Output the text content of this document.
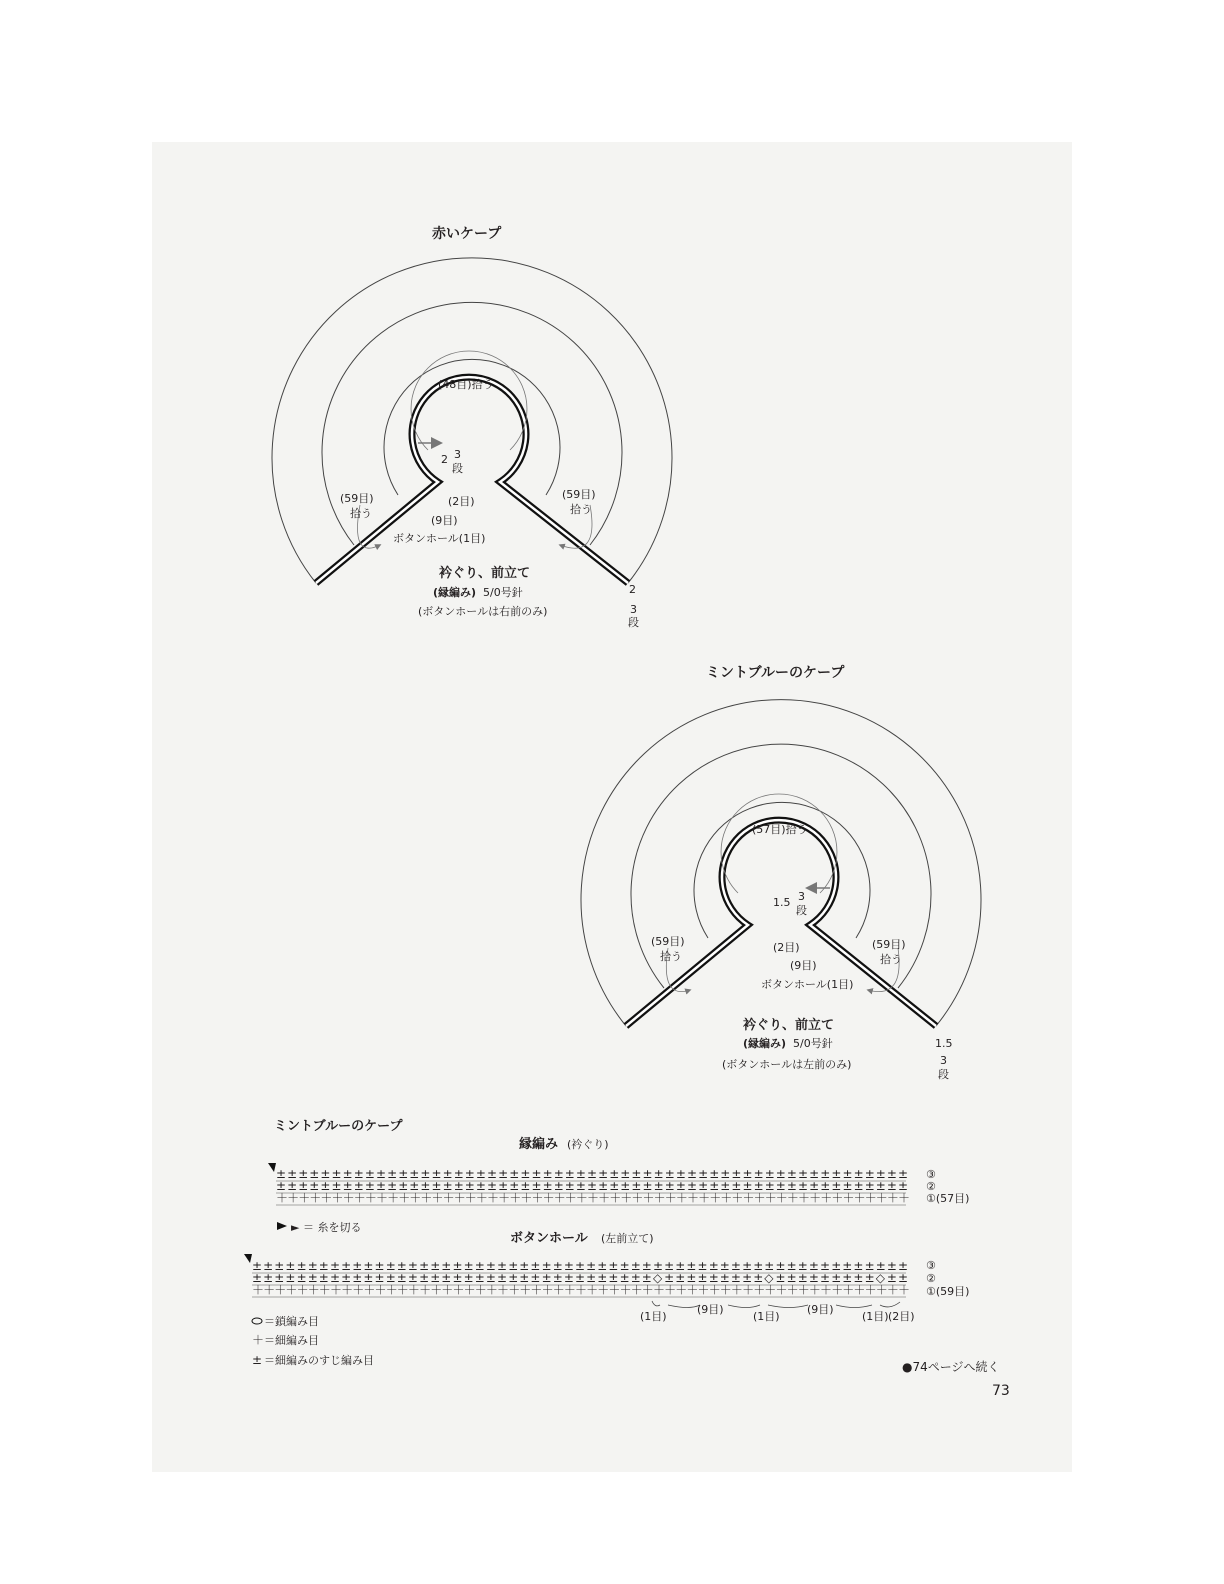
赤いケープ
(48目)拾う
2 3
段
(59目)
拾う
(59目)
拾う
(2目)
(9目)
ボタンホール(1目)
2
3
段
衿ぐり、前立て
(縁編み) 5/0号針
(ボタンホールは右前のみ)
ミントブルーのケープ
(57目)拾う
1.5 3
段
(59目)
拾う
(59目)
拾う
(2目)
(9目)
ボタンホール(1目)
1.5
3
段
衿ぐり、前立て
(縁編み) 5/0号針
(ボタンホールは左前のみ)
ミントブルーのケープ
縁編み (衿ぐり)
± ± ± ± ± ± ± ± ± ± ± ± ± ± ± ± ± ± ± ± ± ± ± ± ± ± ± ± ± ± ± ± ± ± ± ± ± ± ± ± ± ± ± ± ± ± ± ± ± ± ± ± ± ± ± ± ±
± ± ± ± ± ± ± ± ± ± ± ± ± ± ± ± ± ± ± ± ± ± ± ± ± ± ± ± ± ± ± ± ± ± ± ± ± ± ± ± ± ± ± ± ± ± ± ± ± ± ± ± ± ± ± ± ±
＋ ＋ ＋ ＋ ＋ ＋ ＋ ＋ ＋ ＋ ＋ ＋ ＋ ＋ ＋ ＋ ＋ ＋ ＋ ＋ ＋ ＋ ＋ ＋ ＋ ＋ ＋ ＋ ＋ ＋ ＋ ＋ ＋ ＋ ＋ ＋ ＋ ＋ ＋ ＋ ＋ ＋ ＋ ＋ ＋ ＋ ＋ ＋ ＋ ＋ ＋ ＋ ＋ ＋ ＋ ＋ ＋
③
②
①(57目)
► ＝ 糸を切る
ボタンホール (左前立て)
± ± ± ± ± ± ± ± ± ± ± ± ± ± ± ± ± ± ± ± ± ± ± ± ± ± ± ± ± ± ± ± ± ± ± ± ± ± ± ± ± ± ± ± ± ± ± ± ± ± ± ± ± ± ± ± ± ± ±
± ± ± ± ± ± ± ± ± ± ± ± ± ± ± ± ± ± ± ± ± ± ± ± ± ± ± ± ± ± ± ± ± ± ± ± ◇ ± ± ± ± ± ± ± ± ± ◇ ± ± ± ± ± ± ± ± ± ◇ ± ±
＋ ＋ ＋ ＋ ＋ ＋ ＋ ＋ ＋ ＋ ＋ ＋ ＋ ＋ ＋ ＋ ＋ ＋ ＋ ＋ ＋ ＋ ＋ ＋ ＋ ＋ ＋ ＋ ＋ ＋ ＋ ＋ ＋ ＋ ＋ ＋ ＋ ＋ ＋ ＋ ＋ ＋ ＋ ＋ ＋ ＋ ＋ ＋ ＋ ＋ ＋ ＋ ＋ ＋ ＋ ＋ ＋ ＋ ＋
③
②
①(59目)
(1目)
(9目)
(1目)
(9目)
(1目) (2目)
＝鎖編み目
＋ ＝細編み目
± ＝細編みのすじ編み目	●74ページへ続く
73
